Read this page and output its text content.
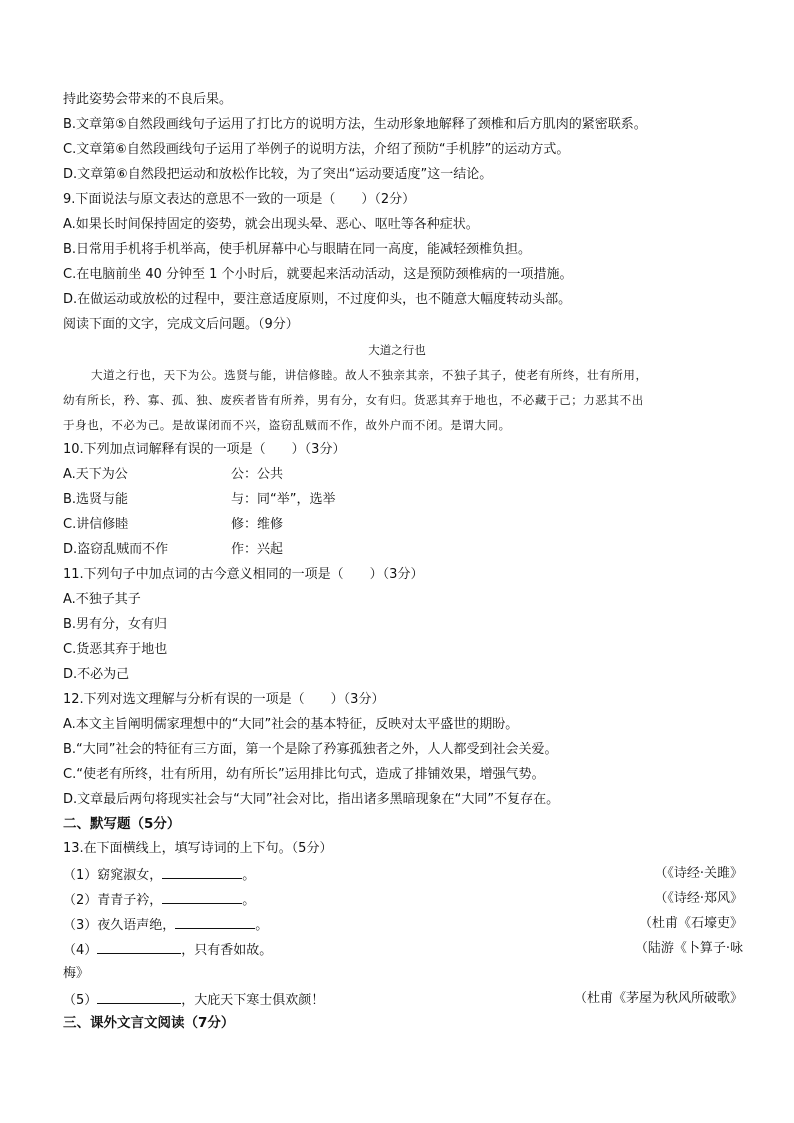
持此姿势会带来的不良后果。
B.文章第⑤自然段画线句子运用了打比方的说明方法，生动形象地解释了颈椎和后方肌肉的紧密联系。
C.文章第⑥自然段画线句子运用了举例子的说明方法，介绍了预防“手机脖”的运动方式。
D.文章第⑥自然段把运动和放松作比较，为了突出“运动要适度”这一结论。
9.下面说法与原文表达的意思不一致的一项是（　　）（2分）
A.如果长时间保持固定的姿势，就会出现头晕、恶心、呕吐等各种症状。
B.日常用手机将手机举高，使手机屏幕中心与眼睛在同一高度，能减轻颈椎负担。
C.在电脑前坐 40 分钟至 1 个小时后，就要起来活动活动，这是预防颈椎病的一项措施。
D.在做运动或放松的过程中，要注意适度原则，不过度仰头，也不随意大幅度转动头部。
阅读下面的文字，完成文后问题。（9分）
大道之行也
大道之行也，天下为公。选贤与能，讲信修睦。故人不独亲其亲，不独子其子，使老有所终，壮有所用，
幼有所长，矜、寡、孤、独、废疾者皆有所养，男有分，女有归。货恶其弃于地也，不必藏于己；力恶其不出
于身也，不必为己。是故谋闭而不兴，盗窃乱贼而不作，故外户而不闭。是谓大同。
10.下列加点词解释有误的一项是（　　）（3分）
A.天下为公	公：公共
B.选贤与能	与：同“举”，选举
C.讲信修睦	修：维修
D.盗窃乱贼而不作	作：兴起
11.下列句子中加点词的古今意义相同的一项是（　　）（3分）
A.不独子其子
B.男有分，女有归
C.货恶其弃于地也
D.不必为己
12.下列对选文理解与分析有误的一项是（　　）（3分）
A.本文主旨阐明儒家理想中的“大同”社会的基本特征，反映对太平盛世的期盼。
B.“大同”社会的特征有三方面，第一个是除了矜寡孤独者之外，人人都受到社会关爱。
C.“使老有所终，壮有所用，幼有所长”运用排比句式，造成了排铺效果，增强气势。
D.文章最后两句将现实社会与“大同”社会对比，指出诸多黑暗现象在“大同”不复存在。
二、默写题（5分）
13.在下面横线上，填写诗词的上下句。（5分）
（1）窈窕淑女，	。	（《诗经·关雎》
（2）青青子衿，	。	（《诗经·郑风》
（3）夜久语声绝，	。	（杜甫《石壕吏》
（4）	，只有香如故。	（陆游《卜算子·咏
梅》
（5）	，大庇天下寒士俱欢颜！	（杜甫《茅屋为秋风所破歌》
三、课外文言文阅读（7分）
